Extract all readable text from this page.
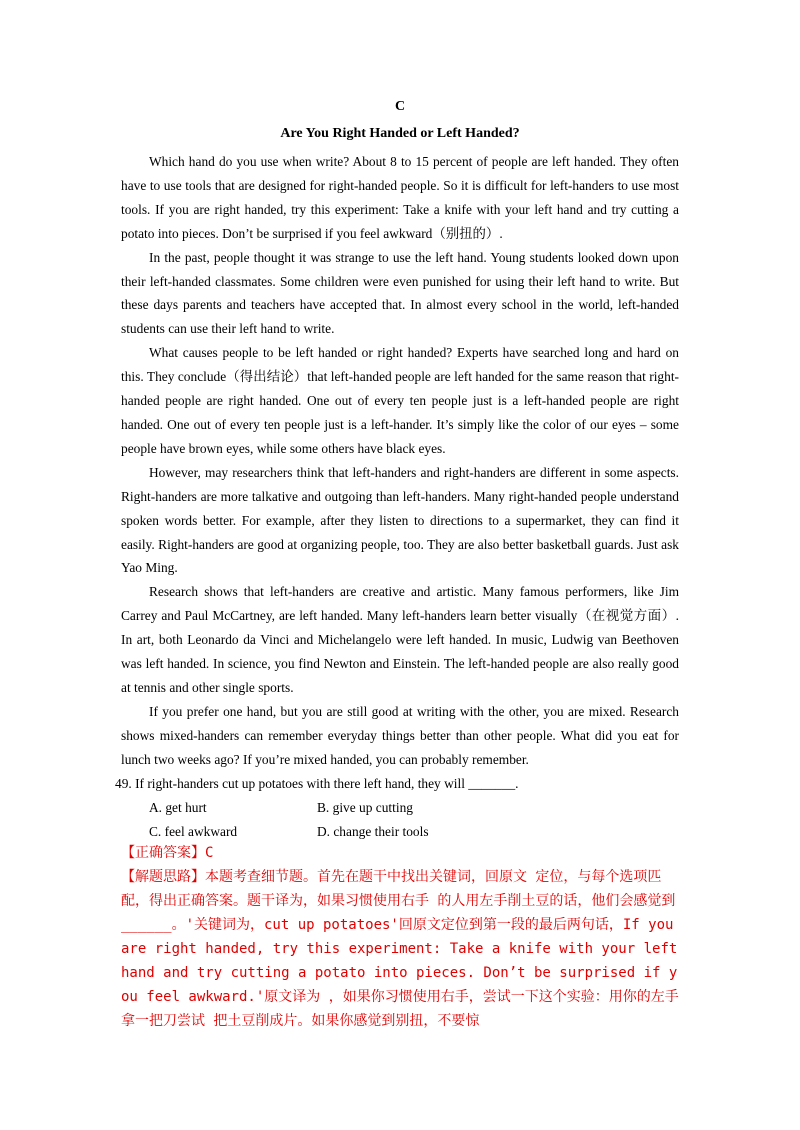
C
Are You Right Handed or Left Handed?

Which hand do you use when write? About 8 to 15 percent of people are left handed. They often have to use tools that are designed for right-handed people. So it is difficult for left-handers to use most tools. If you are right handed, try this experiment: Take a knife with your left hand and try cutting a potato into pieces. Don’t be surprised if you feel awkward（别扭的）.

In the past, people thought it was strange to use the left hand. Young students looked down upon their left-handed classmates. Some children were even punished for using their left hand to write. But these days parents and teachers have accepted that. In almost every school in the world, left-handed students can use their left hand to write.

What causes people to be left handed or right handed? Experts have searched long and hard on this. They conclude（得出结论）that left-handed people are left handed for the same reason that right-handed people are right handed. One out of every ten people just is a left-handed people are right handed. One out of every ten people just is a left-hander. It’s simply like the color of our eyes – some people have brown eyes, while some others have black eyes.

However, may researchers think that left-handers and right-handers are different in some aspects. Right-handers are more talkative and outgoing than left-handers. Many right-handed people understand spoken words better. For example, after they listen to directions to a supermarket, they can find it easily. Right-handers are good at organizing people, too. They are also better basketball guards. Just ask Yao Ming.

Research shows that left-handers are creative and artistic. Many famous performers, like Jim Carrey and Paul McCartney, are left handed. Many left-handers learn better visually（在视觉方面）. In art, both Leonardo da Vinci and Michelangelo were left handed. In music, Ludwig van Beethoven was left handed. In science, you find Newton and Einstein. The left-handed people are also really good at tennis and other single sports.

If you prefer one hand, but you are still good at writing with the other, you are mixed. Research shows mixed-handers can remember everyday things better than other people. What did you eat for lunch two weeks ago? If you’re mixed handed, you can probably remember.

49. If right-handers cut up potatoes with there left hand, they will _______.
A. get hurt	B. give up cutting
C. feel awkward	D. change their tools

【正确答案】C

【解题思路】本题考查细节题。首先在题干中找出关键词，回原文 定位，与每个选项匹配，得出正确答案。题干译为，如果习惯使用右手 的人用左手削土豆的话，他们会感觉到 ______。'关键词为，cut up potatoes'回原文定位到第一段的最后两句话，If you are right handed, try this experiment: Take a knife with your left hand and try cutting a potato into pieces. Don’t be surprised if you feel awkward.'原文译为 ，如果你习惯使用右手，尝试一下这个实验：用你的左手拿一把刀尝试 把土豆削成片。如果你感觉到别扭，不要惊
